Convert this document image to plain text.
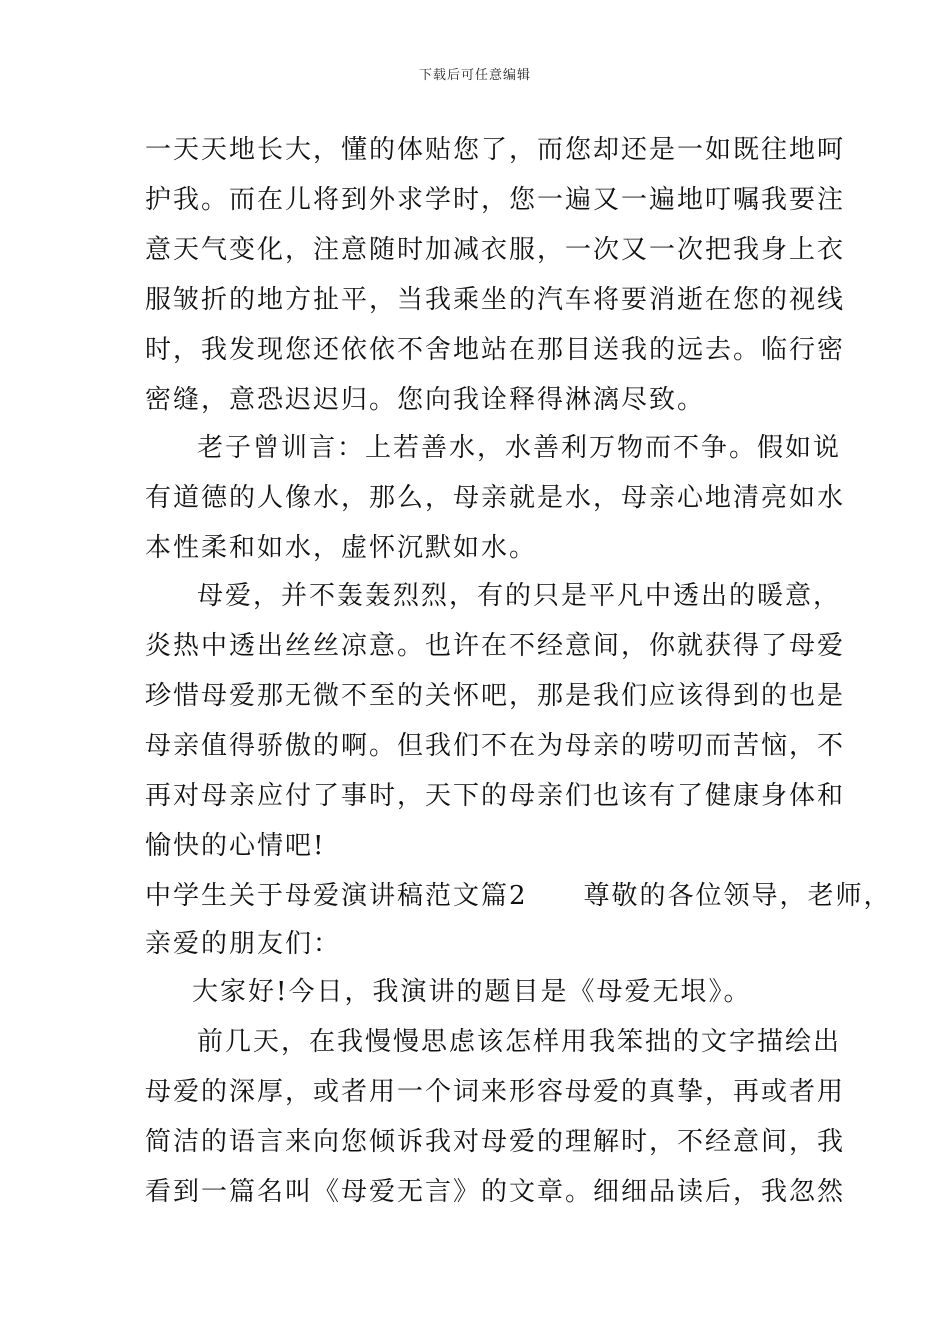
下载后可任意编辑
一天天地长大，懂的体贴您了，而您却还是一如既往地呵
护我。而在儿将到外求学时，您一遍又一遍地叮嘱我要注
意天气变化，注意随时加减衣服，一次又一次把我身上衣
服皱折的地方扯平，当我乘坐的汽车将要消逝在您的视线
时，我发现您还依依不舍地站在那目送我的远去。临行密
密缝，意恐迟迟归。您向我诠释得淋漓尽致。
老子曾训言：上若善水，水善利万物而不争。假如说
有道德的人像水，那么，母亲就是水，母亲心地清亮如水
本性柔和如水，虚怀沉默如水。
母爱，并不轰轰烈烈，有的只是平凡中透出的暖意，
炎热中透出丝丝凉意。也许在不经意间，你就获得了母爱
珍惜母爱那无微不至的关怀吧，那是我们应该得到的也是
母亲值得骄傲的啊。但我们不在为母亲的唠叨而苦恼，不
再对母亲应付了事时，天下的母亲们也该有了健康身体和
愉快的心情吧!
中学生关于母爱演讲稿范文篇2 尊敬的各位领导，老师，
亲爱的朋友们：
大家好!今日，我演讲的题目是《母爱无垠》。
前几天，在我慢慢思虑该怎样用我笨拙的文字描绘出
母爱的深厚，或者用一个词来形容母爱的真挚，再或者用
简洁的语言来向您倾诉我对母爱的理解时，不经意间，我
看到一篇名叫《母爱无言》的文章。细细品读后，我忽然
